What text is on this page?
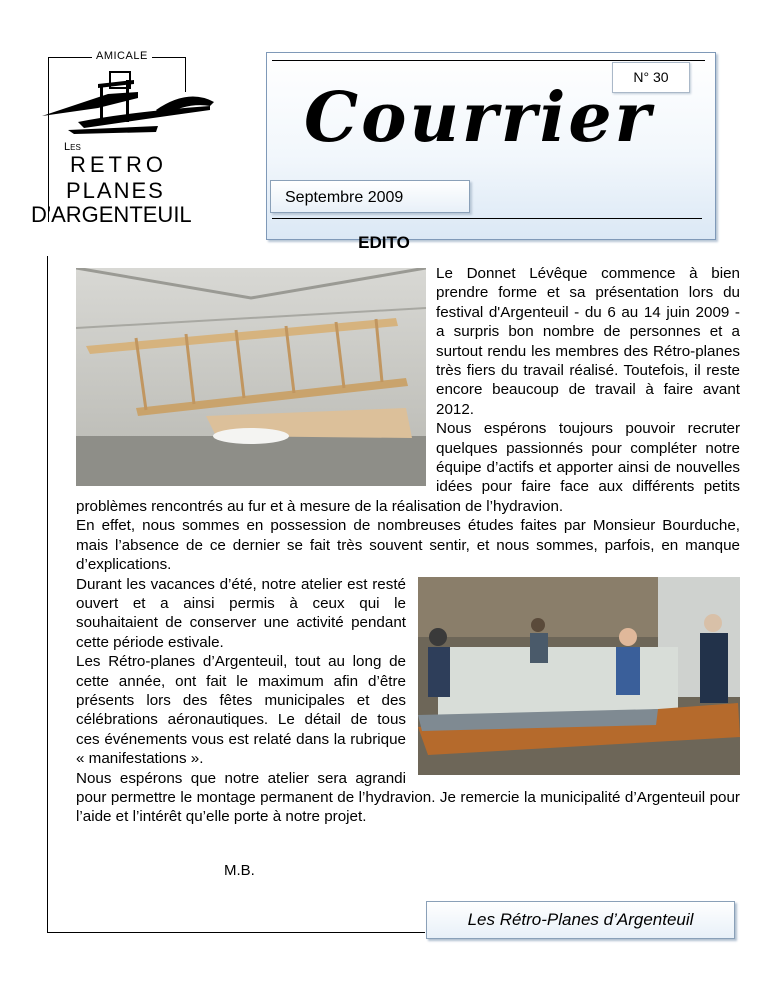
AMICALE
Les
RETRO
PLANES
D'ARGENTEUIL
N° 30
Courrier
Septembre 2009
EDITO

Le Donnet Lévêque commence à bien prendre forme et sa présentation lors du festival d'Argenteuil - du 6 au 14 juin 2009 - a surpris bon nombre de personnes et a surtout rendu les membres des Rétro-planes très fiers du travail réalisé. Toutefois, il reste encore beaucoup de travail à faire avant 2012.

Nous espérons toujours pouvoir recruter quelques passionnés pour compléter notre équipe d’actifs et apporter ainsi de nouvelles idées pour faire face aux différents petits problèmes rencontrés au fur et à mesure de la réalisation de l’hydravion.

En effet, nous sommes en possession de nombreuses études faites par Monsieur Bourduche, mais l’absence de ce dernier se fait très souvent sentir, et nous sommes, parfois, en manque d’explications.

Durant les vacances d’été, notre atelier est resté ouvert et a ainsi permis à ceux qui le souhaitaient de conserver une activité pendant cette période estivale.

Les Rétro-planes d’Argenteuil, tout au long de cette année, ont fait le maximum afin d’être présents lors des fêtes municipales et des célébrations aéronautiques. Le détail de tous ces événements vous est relaté dans la rubrique « manifestations ».

Nous espérons que notre atelier sera agrandi pour permettre le montage permanent de l’hydravion. Je remercie la municipalité d’Argenteuil pour l’aide et l’intérêt qu’elle porte à notre projet.

M.B.
Les Rétro-Planes d’Argenteuil
